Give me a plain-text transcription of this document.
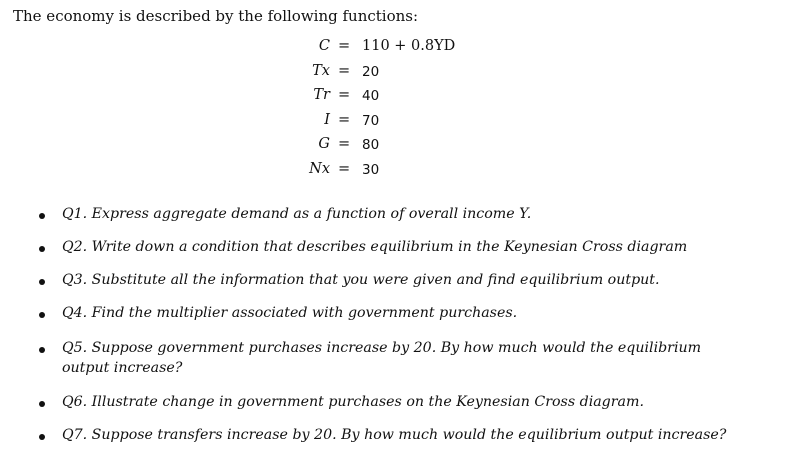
The economy is described by the following functions:
C = 110 + 0.8YD
Tx = 20
Tr = 40
I = 70
G = 80
Nx = 30
Q1. Express aggregate demand as a function of overall income Y.
Q2. Write down a condition that describes equilibrium in the Keynesian Cross diagram
Q3. Substitute all the information that you were given and find equilibrium output.
Q4. Find the multiplier associated with government purchases.
Q5. Suppose government purchases increase by 20. By how much would the equilibrium output increase?
Q6. Illustrate change in government purchases on the Keynesian Cross diagram.
Q7. Suppose transfers increase by 20. By how much would the equilibrium output increase?
